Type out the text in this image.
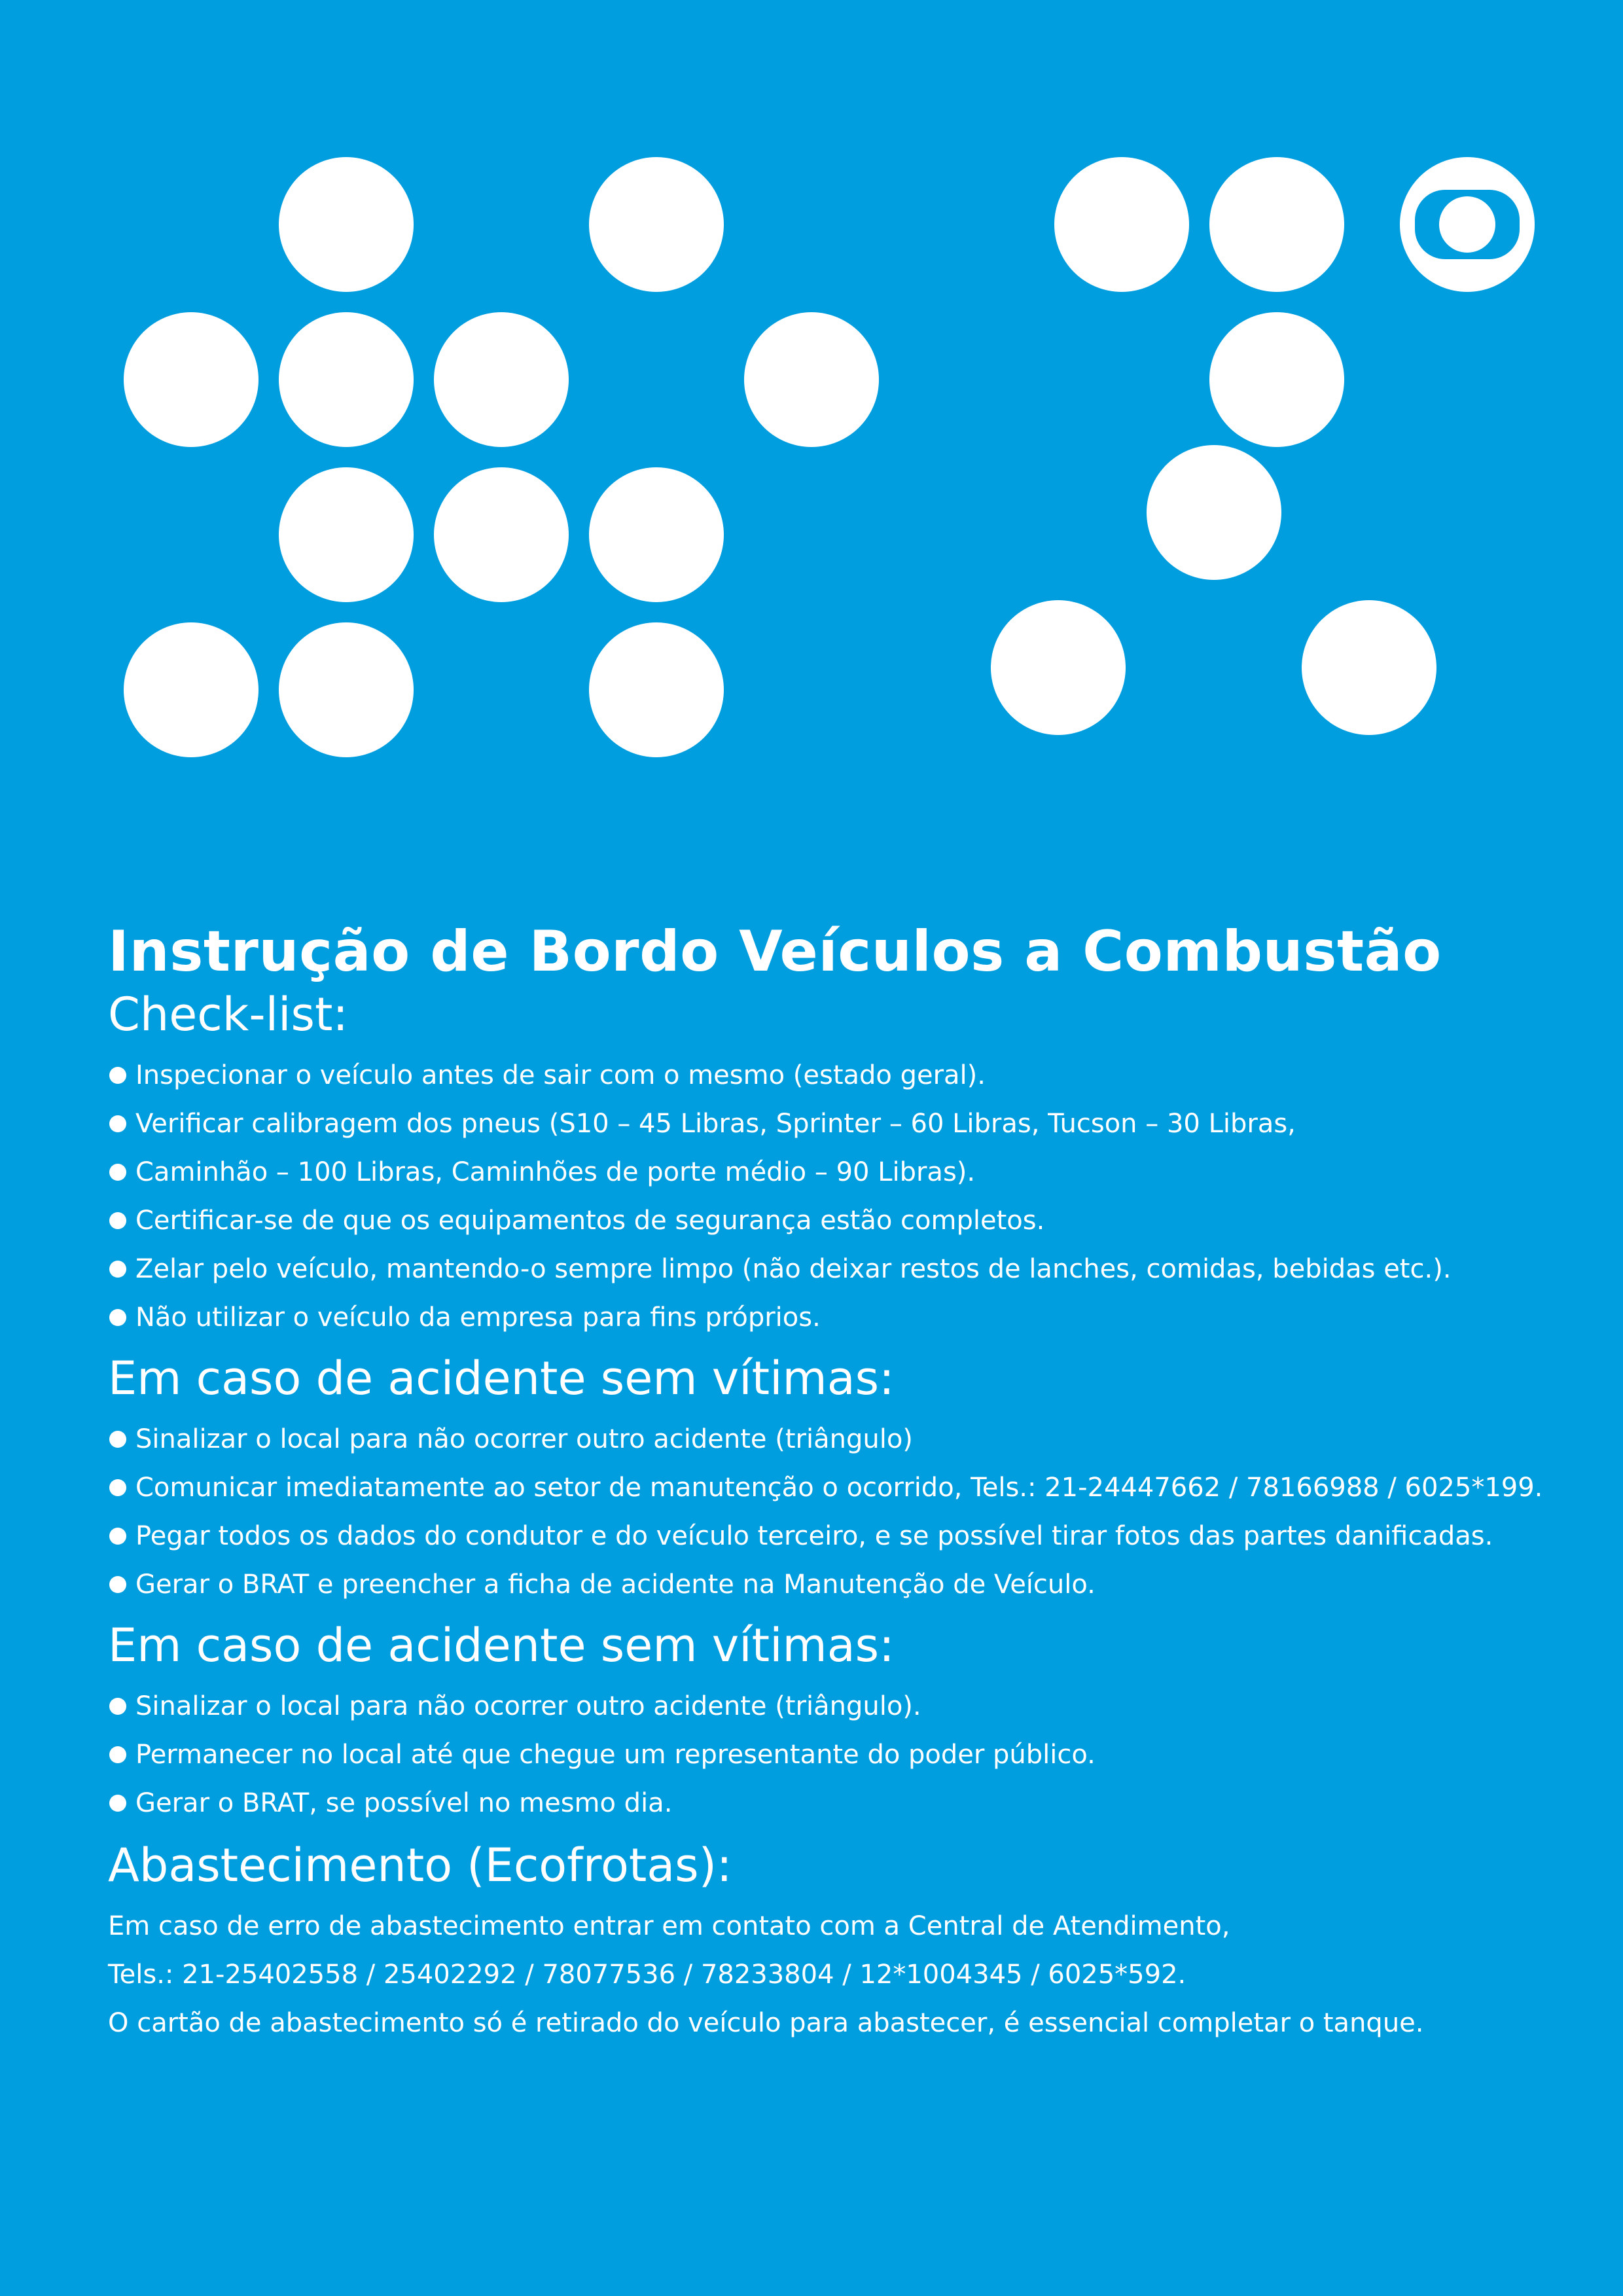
Instrução de Bordo Veículos a Combustão
Check-list:
Inspecionar o veículo antes de sair com o mesmo (estado geral).
Verificar calibragem dos pneus (S10 – 45 Libras, Sprinter – 60 Libras, Tucson – 30 Libras,
Caminhão – 100 Libras, Caminhões de porte médio – 90 Libras).
Certificar-se de que os equipamentos de segurança estão completos.
Zelar pelo veículo, mantendo-o sempre limpo (não deixar restos de lanches, comidas, bebidas etc.).
Não utilizar o veículo da empresa para fins próprios.
Em caso de acidente sem vítimas:
Sinalizar o local para não ocorrer outro acidente (triângulo)
Comunicar imediatamente ao setor de manutenção o ocorrido, Tels.: 21-24447662 / 78166988 / 6025*199.
Pegar todos os dados do condutor e do veículo terceiro, e se possível tirar fotos das partes danificadas.
Gerar o BRAT e preencher a ficha de acidente na Manutenção de Veículo.
Em caso de acidente sem vítimas:
Sinalizar o local para não ocorrer outro acidente (triângulo).
Permanecer no local até que chegue um representante do poder público.
Gerar o BRAT, se possível no mesmo dia.
Abastecimento (Ecofrotas):

Em caso de erro de abastecimento entrar em contato com a Central de Atendimento,

Tels.: 21-25402558 / 25402292 / 78077536 / 78233804 / 12*1004345 / 6025*592.

O cartão de abastecimento só é retirado do veículo para abastecer, é essencial completar o tanque.
